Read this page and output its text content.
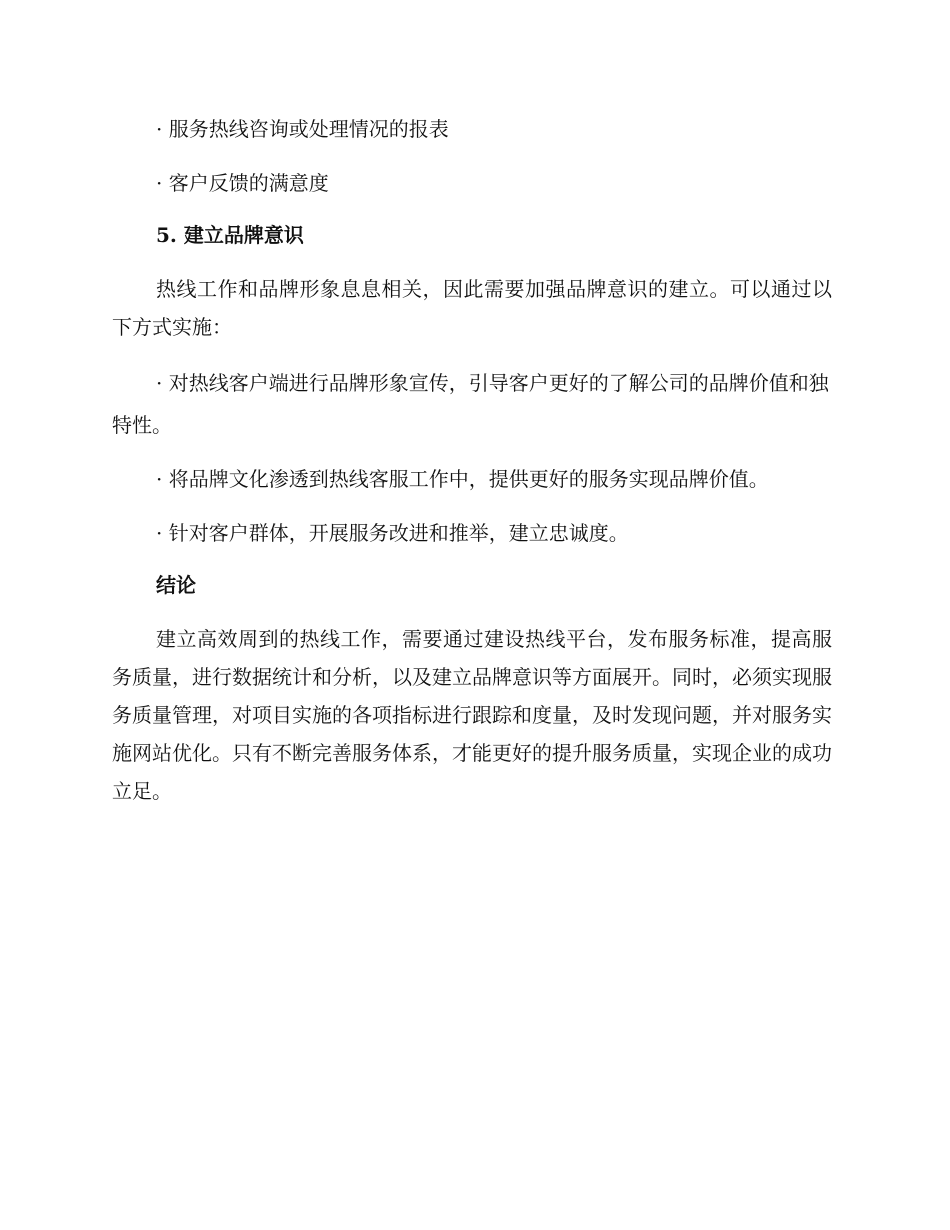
· 服务热线咨询或处理情况的报表

· 客户反馈的满意度

5. 建立品牌意识

热线工作和品牌形象息息相关，因此需要加强品牌意识的建立。可以通过以下方式实施：

· 对热线客户端进行品牌形象宣传，引导客户更好的了解公司的品牌价值和独特性。

· 将品牌文化渗透到热线客服工作中，提供更好的服务实现品牌价值。

· 针对客户群体，开展服务改进和推举，建立忠诚度。

结论

建立高效周到的热线工作，需要通过建设热线平台，发布服务标准，提高服务质量，进行数据统计和分析，以及建立品牌意识等方面展开。同时，必须实现服务质量管理，对项目实施的各项指标进行跟踪和度量，及时发现问题，并对服务实施网站优化。只有不断完善服务体系，才能更好的提升服务质量，实现企业的成功立足。
